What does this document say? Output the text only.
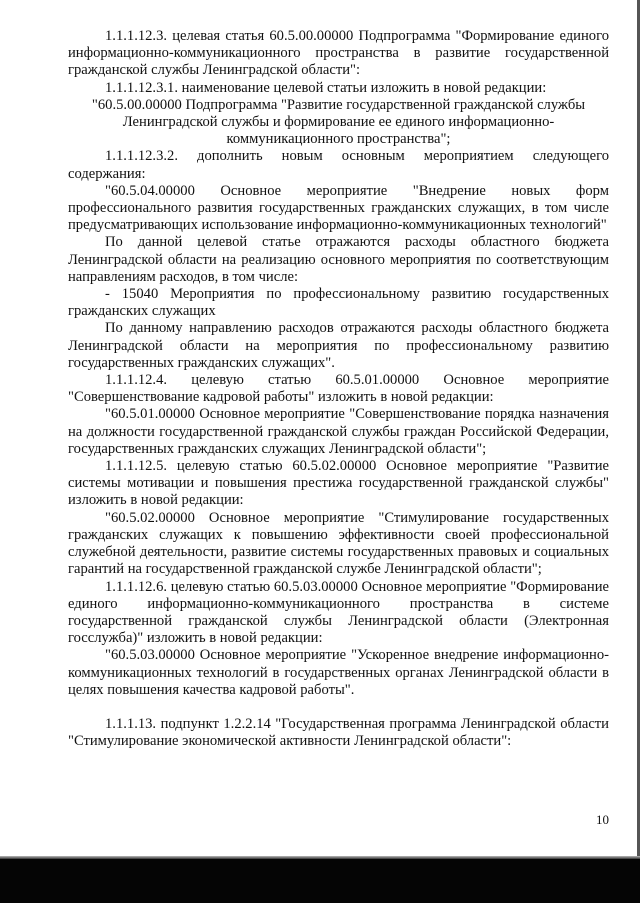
1.1.1.12.3. целевая статья 60.5.00.00000 Подпрограмма "Формирование единого информационно-коммуникационного пространства в развитие государственной гражданской службы Ленинградской области":

1.1.1.12.3.1. наименование целевой статьи изложить в новой редакции:

"60.5.00.00000 Подпрограмма "Развитие государственной гражданской службы Ленинградской службы и формирование ее единого информационно-коммуникационного пространства";

1.1.1.12.3.2. дополнить новым основным мероприятием следующего содержания:

"60.5.04.00000 Основное мероприятие "Внедрение новых форм профессионального развития государственных гражданских служащих, в том числе предусматривающих использование информационно-коммуникационных технологий"

По данной целевой статье отражаются расходы областного бюджета Ленинградской области на реализацию основного мероприятия по соответствующим направлениям расходов, в том числе:

- 15040 Мероприятия по профессиональному развитию государственных гражданских служащих

По данному направлению расходов отражаются расходы областного бюджета Ленинградской области на мероприятия по профессиональному развитию государственных гражданских служащих".

1.1.1.12.4. целевую статью 60.5.01.00000 Основное мероприятие "Совершенствование кадровой работы" изложить в новой редакции:

"60.5.01.00000 Основное мероприятие "Совершенствование порядка назначения на должности государственной гражданской службы граждан Российской Федерации, государственных гражданских служащих Ленинградской области";

1.1.1.12.5. целевую статью 60.5.02.00000 Основное мероприятие "Развитие системы мотивации и повышения престижа государственной гражданской службы" изложить в новой редакции:

"60.5.02.00000 Основное мероприятие "Стимулирование государственных гражданских служащих к повышению эффективности своей профессиональной служебной деятельности, развитие системы государственных правовых и социальных гарантий на государственной гражданской службе Ленинградской области";

1.1.1.12.6. целевую статью 60.5.03.00000 Основное мероприятие "Формирование единого информационно-коммуникационного пространства в системе государственной гражданской службы Ленинградской области (Электронная госслужба)" изложить в новой редакции:

"60.5.03.00000 Основное мероприятие "Ускоренное внедрение информационно-коммуникационных технологий в государственных органах Ленинградской области в целях повышения качества кадровой работы".

1.1.1.13. подпункт 1.2.2.14 "Государственная программа Ленинградской области "Стимулирование экономической активности Ленинградской области":

10
